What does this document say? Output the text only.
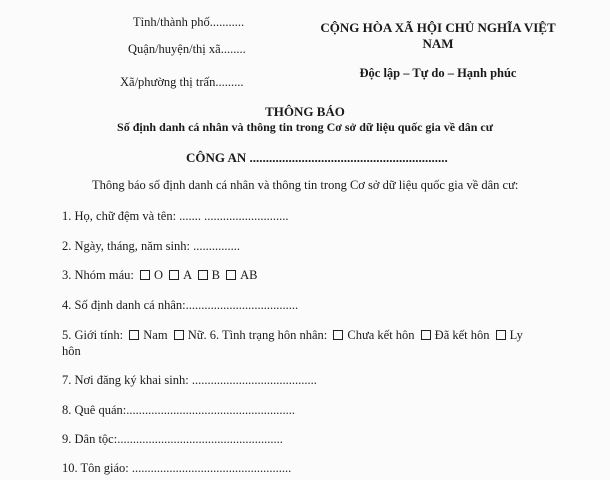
Tỉnh/thành phố...........
Quận/huyện/thị xã........
Xã/phường thị trấn.........
CỘNG HÒA XÃ HỘI CHỦ NGHĨA VIỆT
NAM
Độc lập – Tự do – Hạnh phúc
THÔNG BÁO
Số định danh cá nhân và thông tin trong Cơ sở dữ liệu quốc gia về dân cư
CÔNG AN .............................................................
Thông báo số định danh cá nhân và thông tin trong Cơ sở dữ liệu quốc gia về dân cư:
1. Họ, chữ đệm và tên: ....... ...........................
2. Ngày, tháng, năm sinh: ...............
3. Nhóm máu: O A B AB
4. Số định danh cá nhân:....................................
5. Giới tính: Nam Nữ. 6. Tình trạng hôn nhân: Chưa kết hôn Đã kết hôn Ly
hôn
7. Nơi đăng ký khai sinh: ........................................
8. Quê quán:......................................................
9. Dân tộc:.....................................................
10. Tôn giáo: ...................................................
